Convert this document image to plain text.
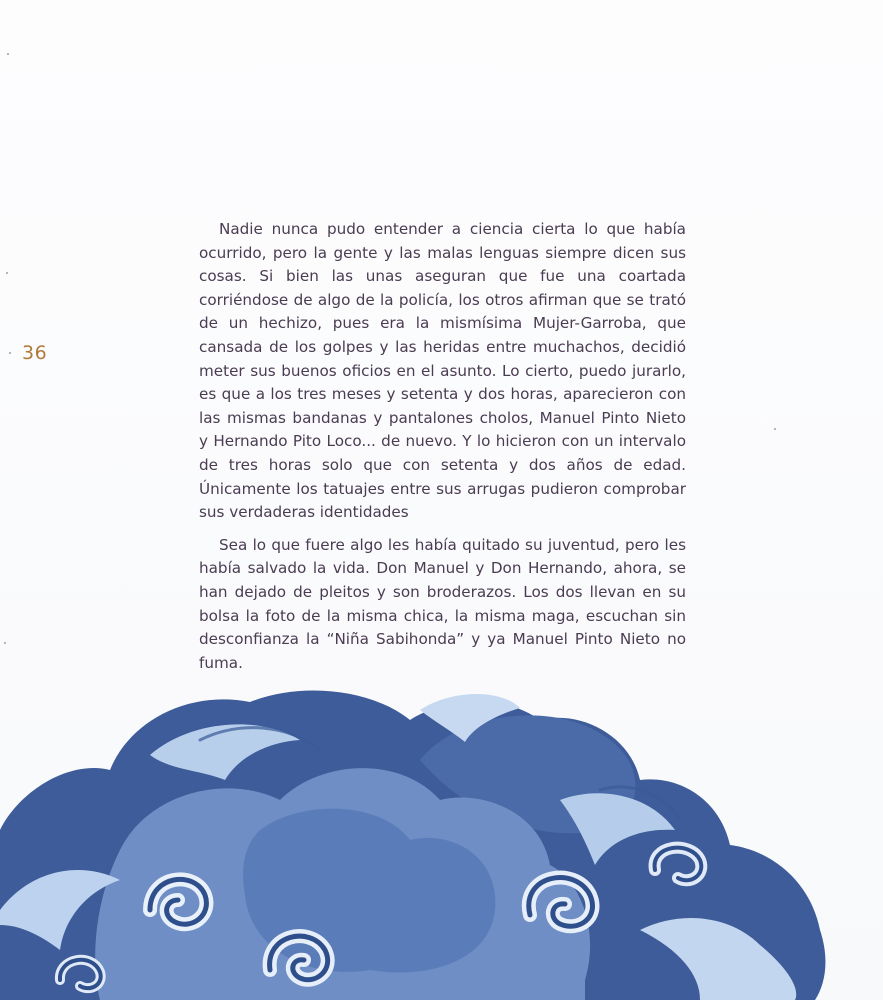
36

Nadie nunca pudo entender a ciencia cierta lo que había ocurrido, pero la gente y las malas lenguas siempre dicen sus cosas. Si bien las unas aseguran que fue una coartada corriéndose de algo de la policía, los otros afirman que se trató de un hechizo, pues era la mismísima Mujer-Garroba, que cansada de los golpes y las heridas entre muchachos, decidió meter sus buenos oficios en el asunto. Lo cierto, puedo jurarlo, es que a los tres meses y setenta y dos horas, aparecieron con las mismas bandanas y pantalones cholos, Manuel Pinto Nieto y Hernando Pito Loco... de nuevo. Y lo hicieron con un intervalo de tres horas solo que con setenta y dos años de edad. Únicamente los tatuajes entre sus arrugas pudieron comprobar sus verdaderas identidades

Sea lo que fuere algo les había quitado su juventud, pero les había salvado la vida. Don Manuel y Don Hernando, ahora, se han dejado de pleitos y son broderazos. Los dos llevan en su bolsa la foto de la misma chica, la misma maga, escuchan sin desconfianza la “Niña Sabihonda” y ya Manuel Pinto Nieto no fuma.
